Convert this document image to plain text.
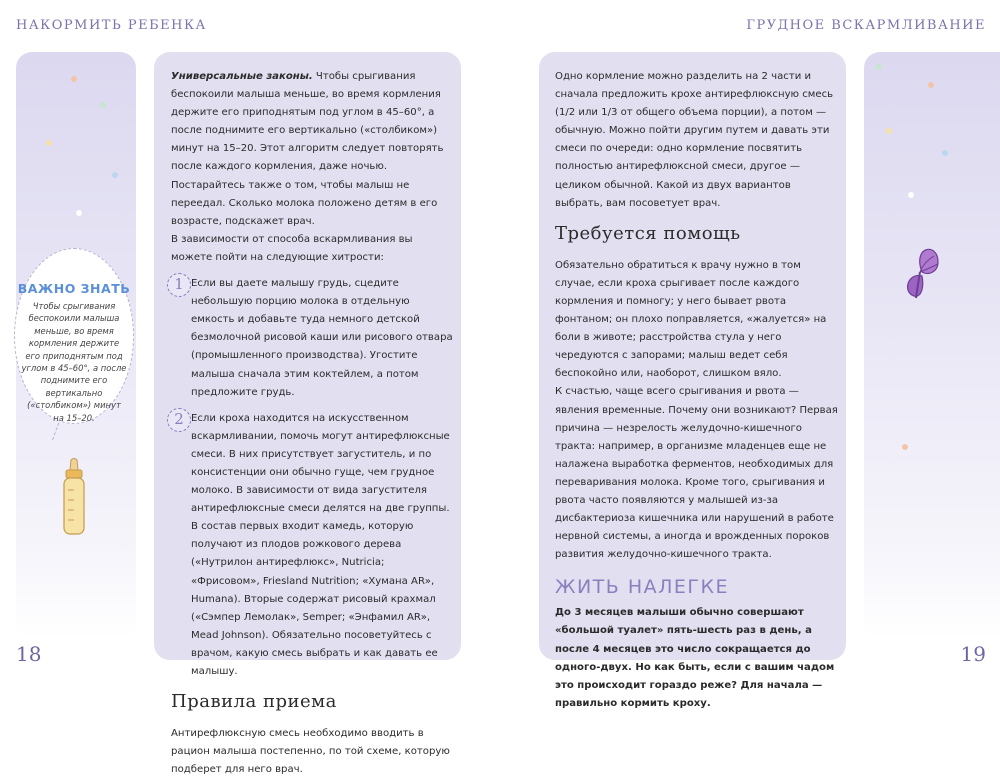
НАКОРМИТЬ РЕБЕНКА	ГРУДНОЕ ВСКАРМЛИВАНИЕ
ВАЖНО ЗНАТЬ
Чтобы срыгивания беспокоили малыша меньше, во время кормления держите его приподнятым под углом в 45–60°, а после поднимите его вертикально («столбиком») минут на 15–20.

Универсальные законы. Чтобы срыгивания беспокоили малыша меньше, во время кормления держите его приподнятым под углом в 45–60°, а после поднимите его вертикально («столбиком») минут на 15–20. Этот алгоритм следует повторять после каждого кормления, даже ночью. Постарайтесь также о том, чтобы малыш не переедал. Сколько молока положено детям в его возрасте, подскажет врач.

В зависимости от способа вскармливания вы можете пойти на следующие хитрости:

1 Если вы даете малышу грудь, сцедите небольшую порцию молока в отдельную емкость и добавьте туда немного детской безмолочной рисовой каши или рисового отвара (промышленного производства). Угостите малыша сначала этим коктейлем, а потом предложите грудь.

2 Если кроха находится на искусственном вскармливании, помочь могут антирефлюксные смеси. В них присутствует загуститель, и по консистенции они обычно гуще, чем грудное молоко. В зависимости от вида загустителя антирефлюксные смеси делятся на две группы. В состав первых входит камедь, которую получают из плодов рожкового дерева («Нутрилон антирефлюкс», Nutricia; «Фрисовом», Friesland Nutrition; «Хумана AR», Humana). Вторые содержат рисовый крахмал («Сэмпер Лемолак», Semper; «Энфамил AR», Mead Johnson). Обязательно посоветуйтесь с врачом, какую смесь выбрать и как давать ее малышу.

Правила приема

Антирефлюксную смесь необходимо вводить в рацион малыша постепенно, по той схеме, которую подберет для него врач.

Одно кормление можно разделить на 2 части и сначала предложить крохе антирефлюксную смесь (1/2 или 1/3 от общего объема порции), а потом — обычную. Можно пойти другим путем и давать эти смеси по очереди: одно кормление посвятить полностью антирефлюксной смеси, другое — целиком обычной. Какой из двух вариантов выбрать, вам посоветует врач.

Требуется помощь

Обязательно обратиться к врачу нужно в том случае, если кроха срыгивает после каждого кормления и помногу; у него бывает рвота фонтаном; он плохо поправляется, «жалуется» на боли в животе; расстройства стула у него чередуются с запорами; малыш ведет себя беспокойно или, наоборот, слишком вяло.

К счастью, чаще всего срыгивания и рвота — явления временные. Почему они возникают? Первая причина — незрелость желудочно-кишечного тракта: например, в организме младенцев еще не налажена выработка ферментов, необходимых для переваривания молока. Кроме того, срыгивания и рвота часто появляются у малышей из-за дисбактериоза кишечника или нарушений в работе нервной системы, а иногда и врожденных пороков развития желудочно-кишечного тракта.

ЖИТЬ НАЛЕГКЕ

До 3 месяцев малыши обычно совершают «большой туалет» пять-шесть раз в день, а после 4 месяцев это число сокращается до одного-двух. Но как быть, если с вашим чадом это происходит гораздо реже? Для начала — правильно кормить кроху.

18	19
